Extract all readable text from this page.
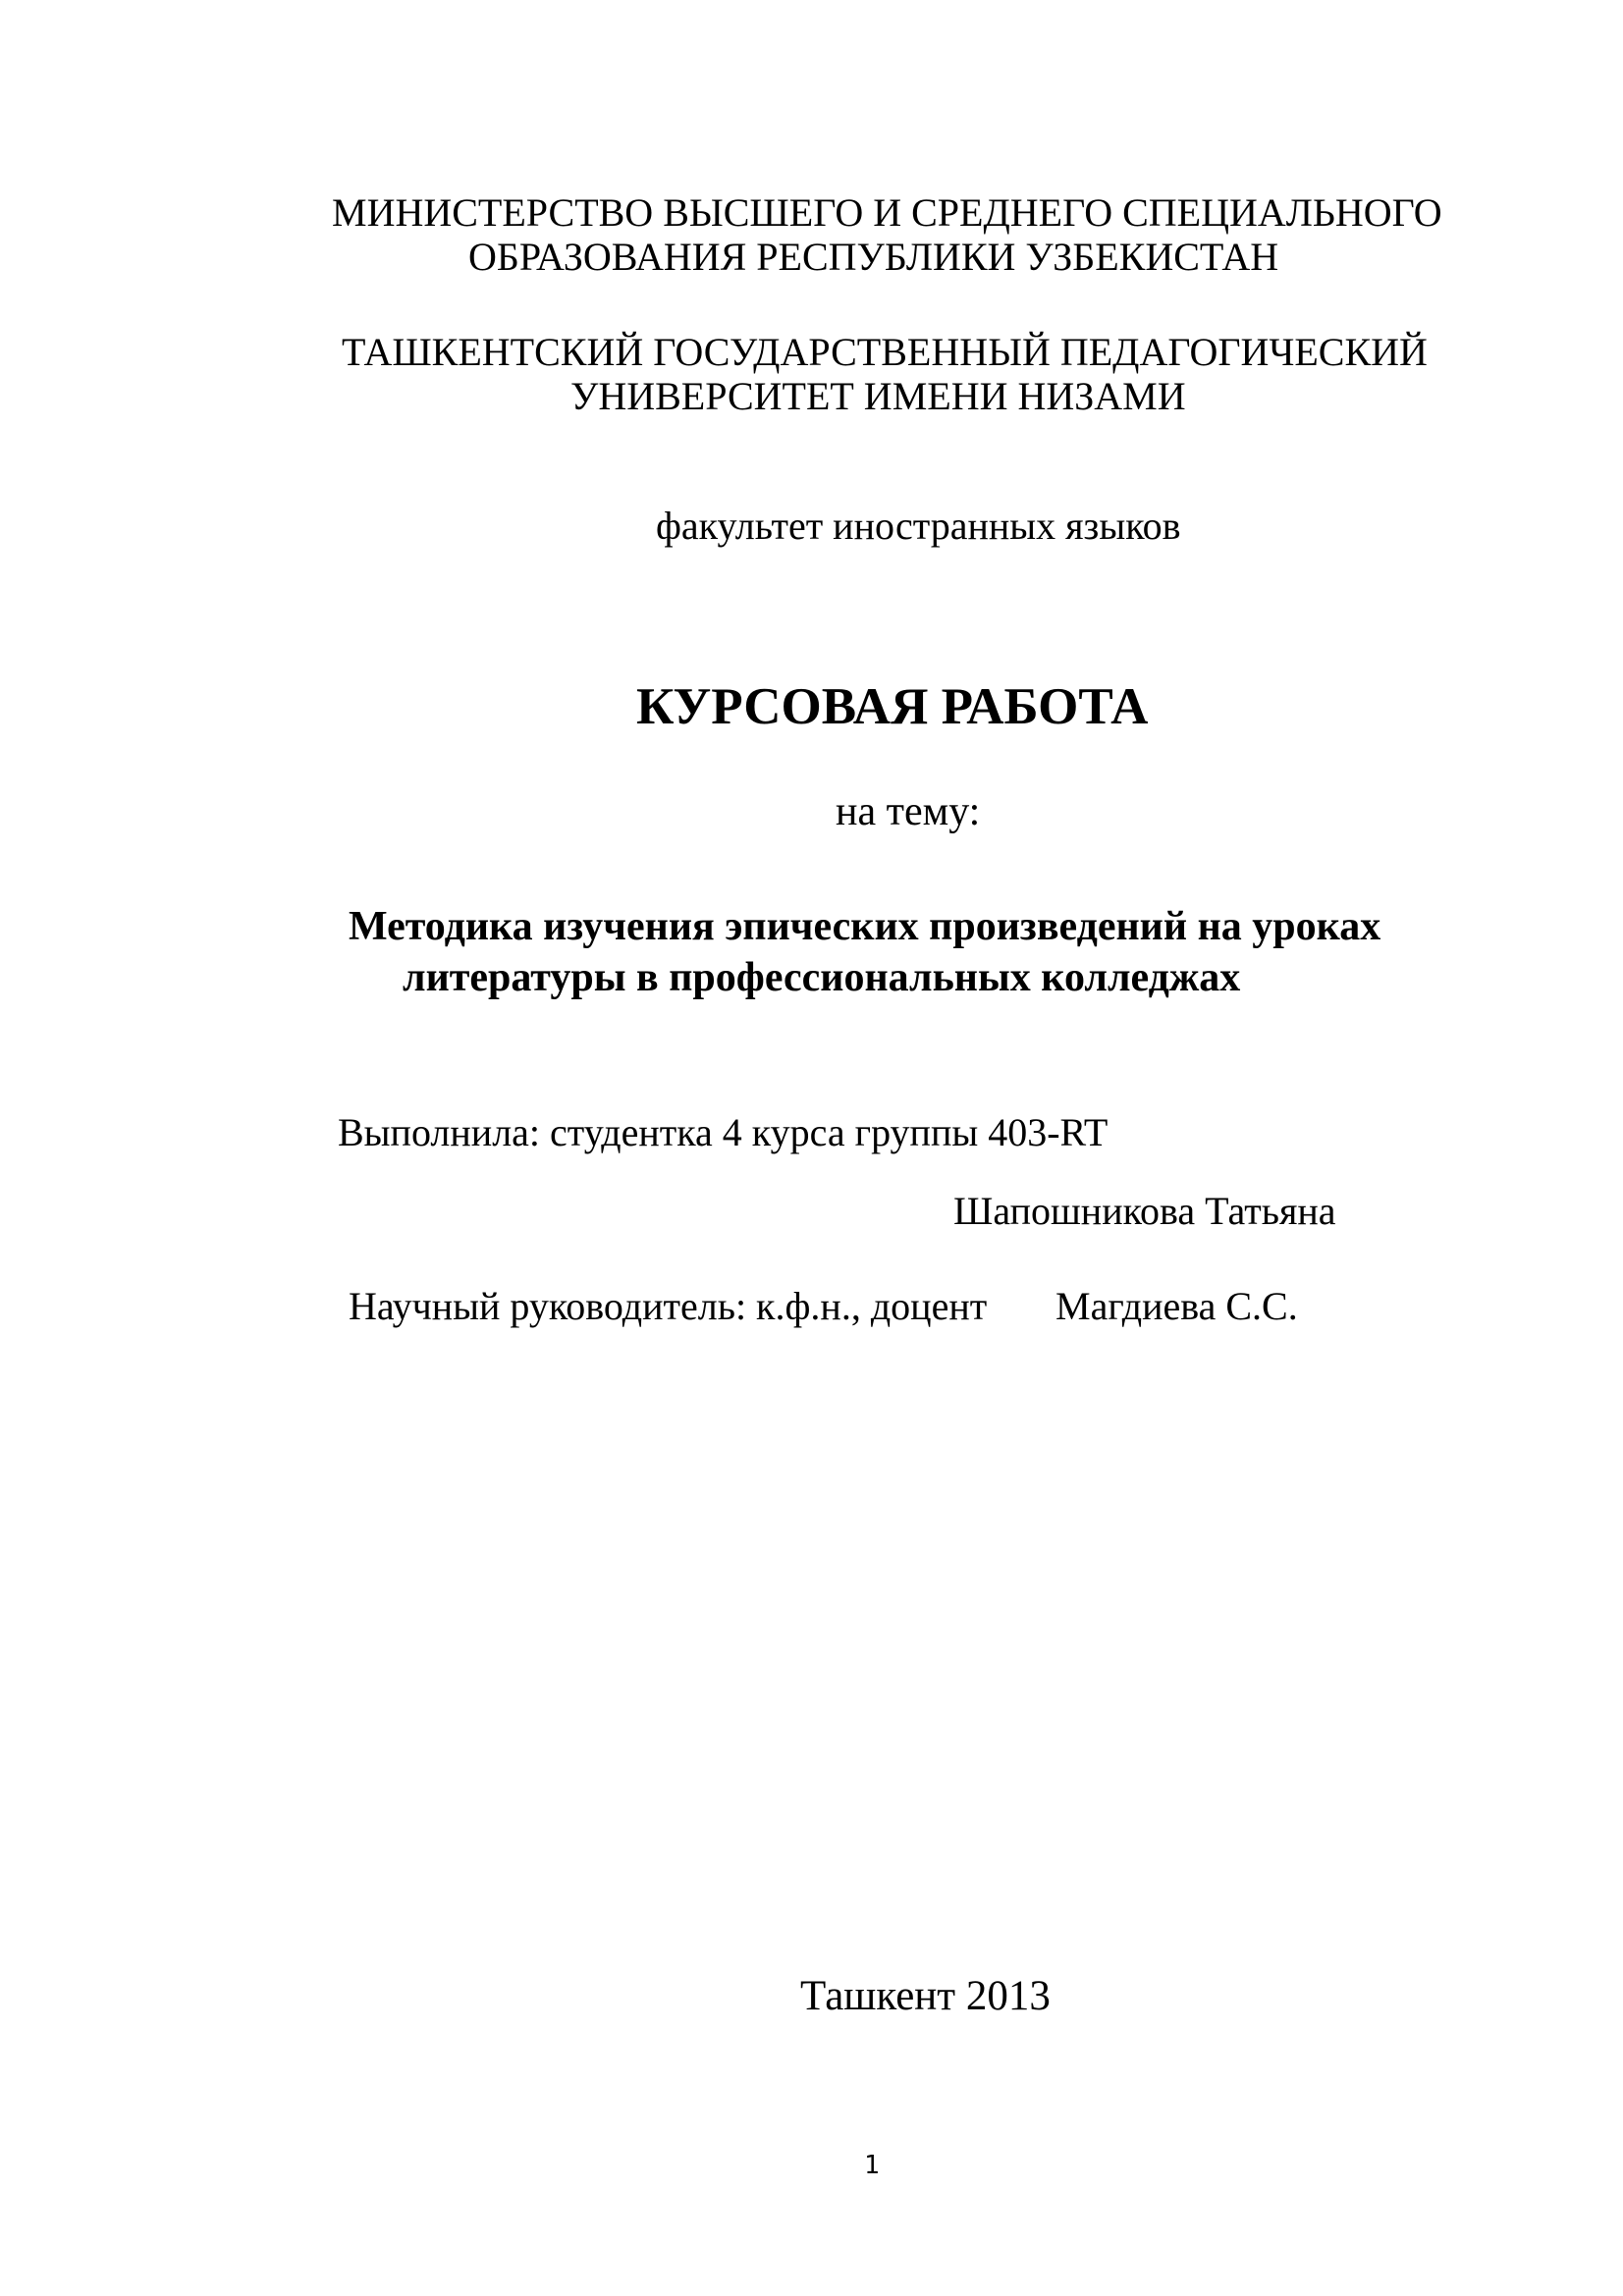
МИНИСТЕРСТВО ВЫСШЕГО И СРЕДНЕГО СПЕЦИАЛЬНОГО
ОБРАЗОВАНИЯ РЕСПУБЛИКИ УЗБЕКИСТАН
ТАШКЕНТСКИЙ ГОСУДАРСТВЕННЫЙ ПЕДАГОГИЧЕСКИЙ
УНИВЕРСИТЕТ ИМЕНИ НИЗАМИ
факультет иностранных языков
КУРСОВАЯ РАБОТА
на тему:
Методика изучения эпических произведений на уроках
литературы в профессиональных колледжах
Выполнила: студентка 4 курса группы 403-RT
Шапошникова Татьяна
Научный руководитель: к.ф.н., доцент Магдиева С.С.
Ташкент 2013
1
